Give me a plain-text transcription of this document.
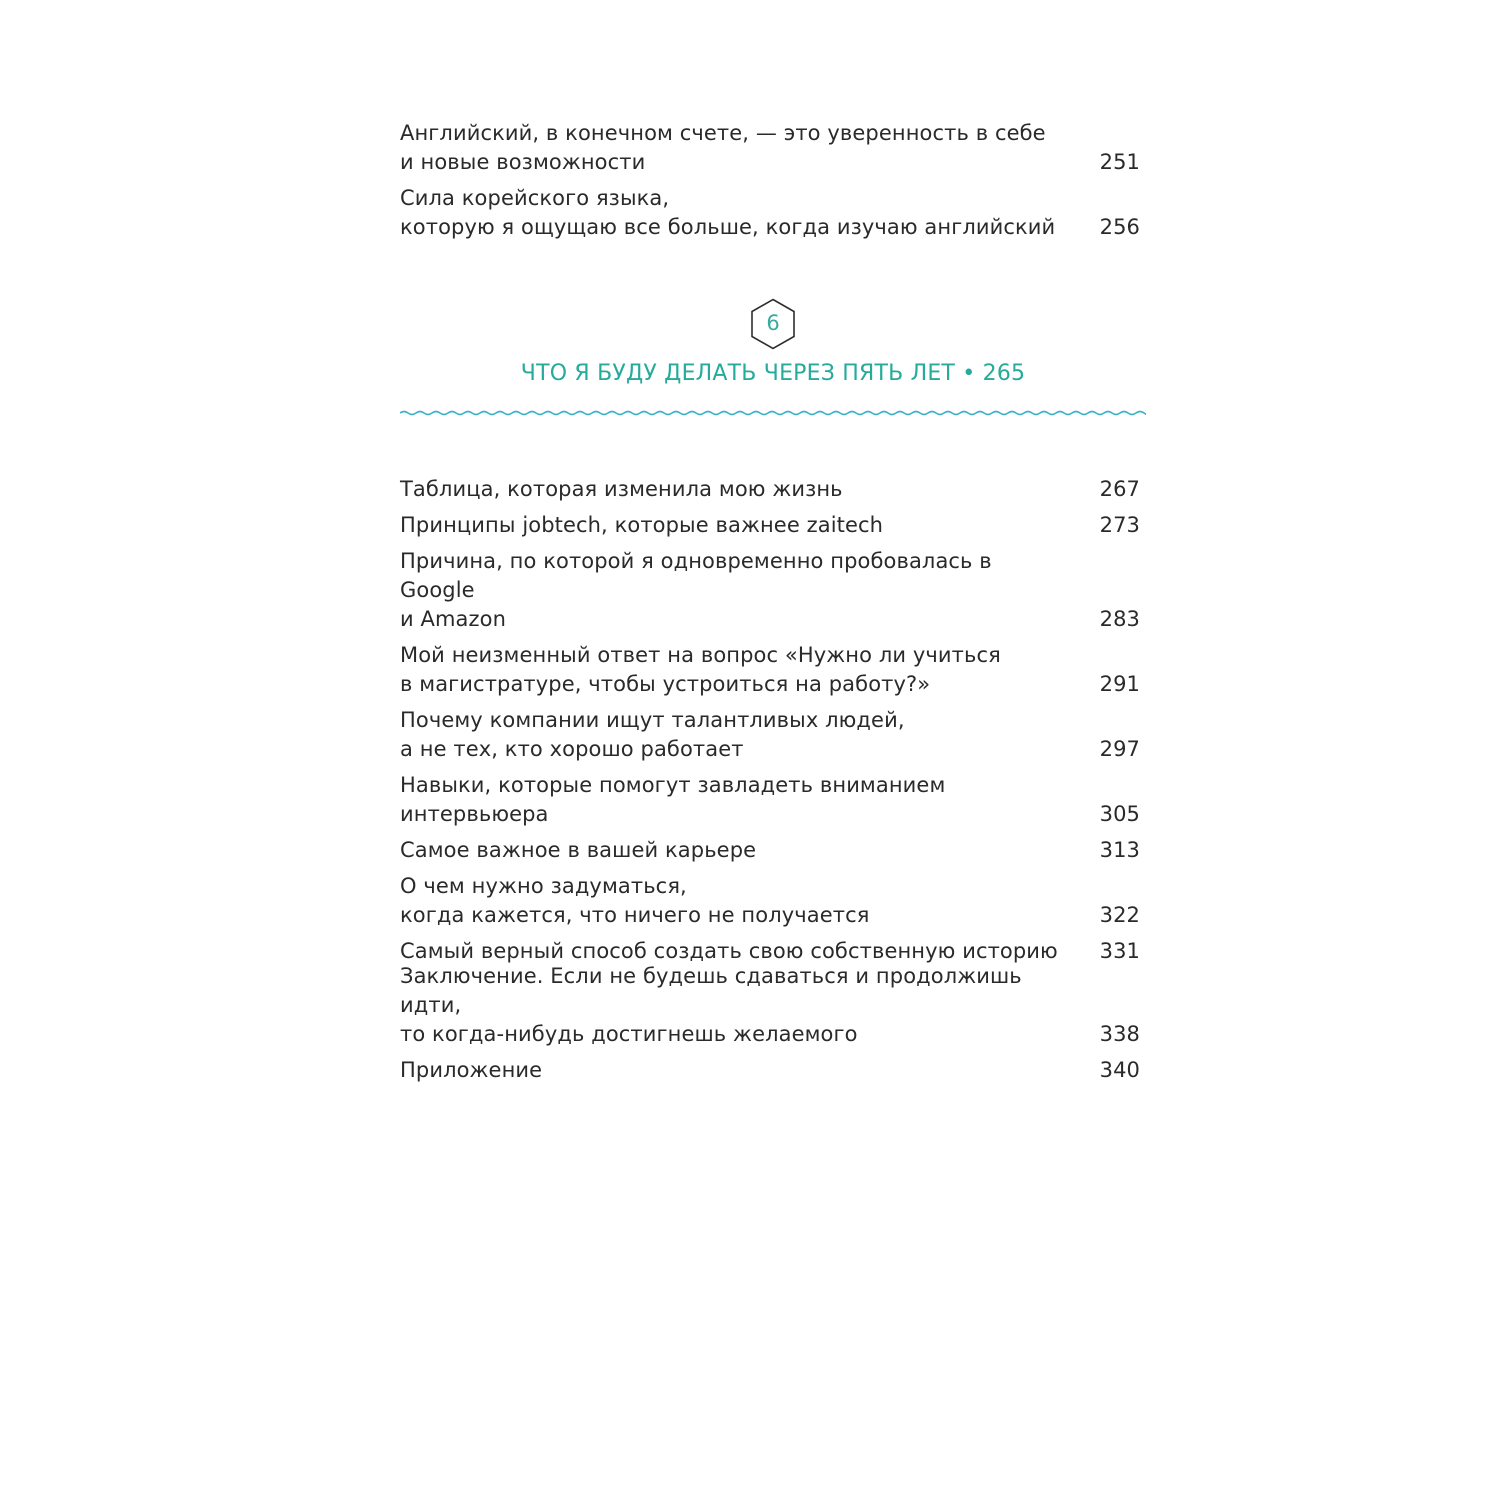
Английский, в конечном счете, — это уверенность в себе
и новые возможности	251
Сила корейского языка,
которую я ощущаю все больше, когда изучаю английский	256
6
ЧТО Я БУДУ ДЕЛАТЬ ЧЕРЕЗ ПЯТЬ ЛЕТ • 265
Таблица, которая изменила мою жизнь	267
Принципы jobtech, которые важнее zaitech	273
Причина, по которой я одновременно пробовалась в Google
и Amazon	283
Мой неизменный ответ на вопрос «Нужно ли учиться
в магистратуре, чтобы устроиться на работу?»	291
Почему компании ищут талантливых людей,
а не тех, кто хорошо работает	297
Навыки, которые помогут завладеть вниманием
интервьюера	305
Самое важное в вашей карьере	313
О чем нужно задуматься,
когда кажется, что ничего не получается	322
Самый верный способ создать свою собственную историю 331
Заключение. Если не будешь сдаваться и продолжишь идти,
то когда-нибудь достигнешь желаемого	338
Приложение	340
